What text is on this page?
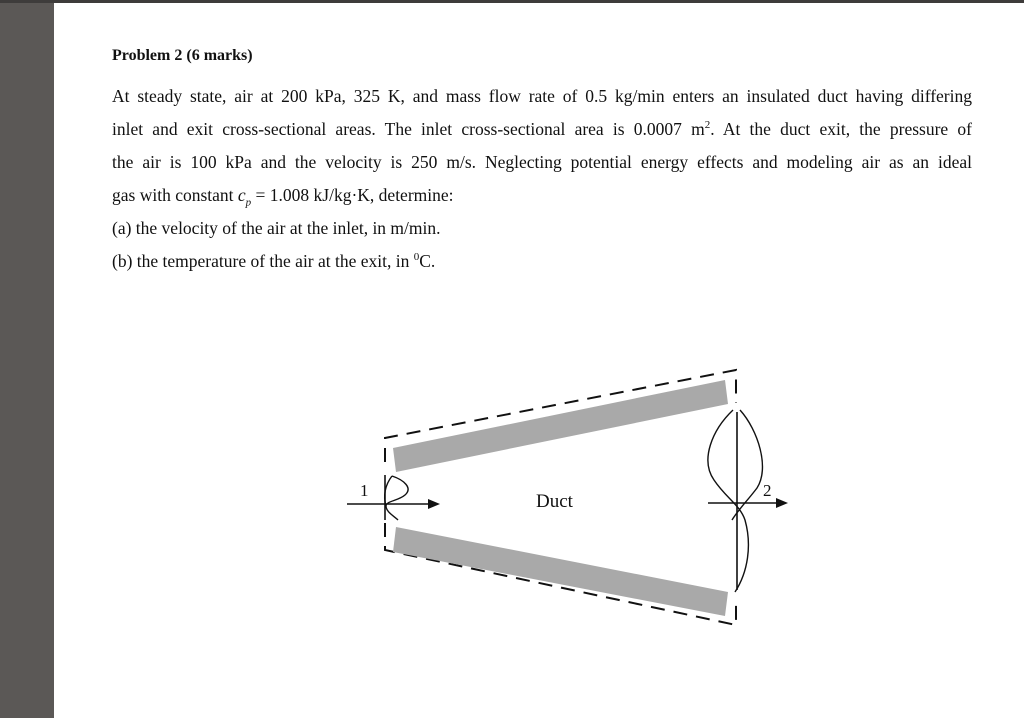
Problem 2 (6 marks)
At steady state, air at 200 kPa, 325 K, and mass flow rate of 0.5 kg/min enters an insulated duct having differing
inlet and exit cross-sectional areas. The inlet cross-sectional area is 0.0007 $m^2$. At the duct exit, the pressure of
the air is 100 kPa and the velocity is 250 m/s. Neglecting potential energy effects and modeling air as an ideal
gas with constant $c_p = 1.008$ kJ/kg·K, determine:
(a) the velocity of the air at the inlet, in m/min.
(b) the temperature of the air at the exit, in $^0$C.
1	2
Duct
